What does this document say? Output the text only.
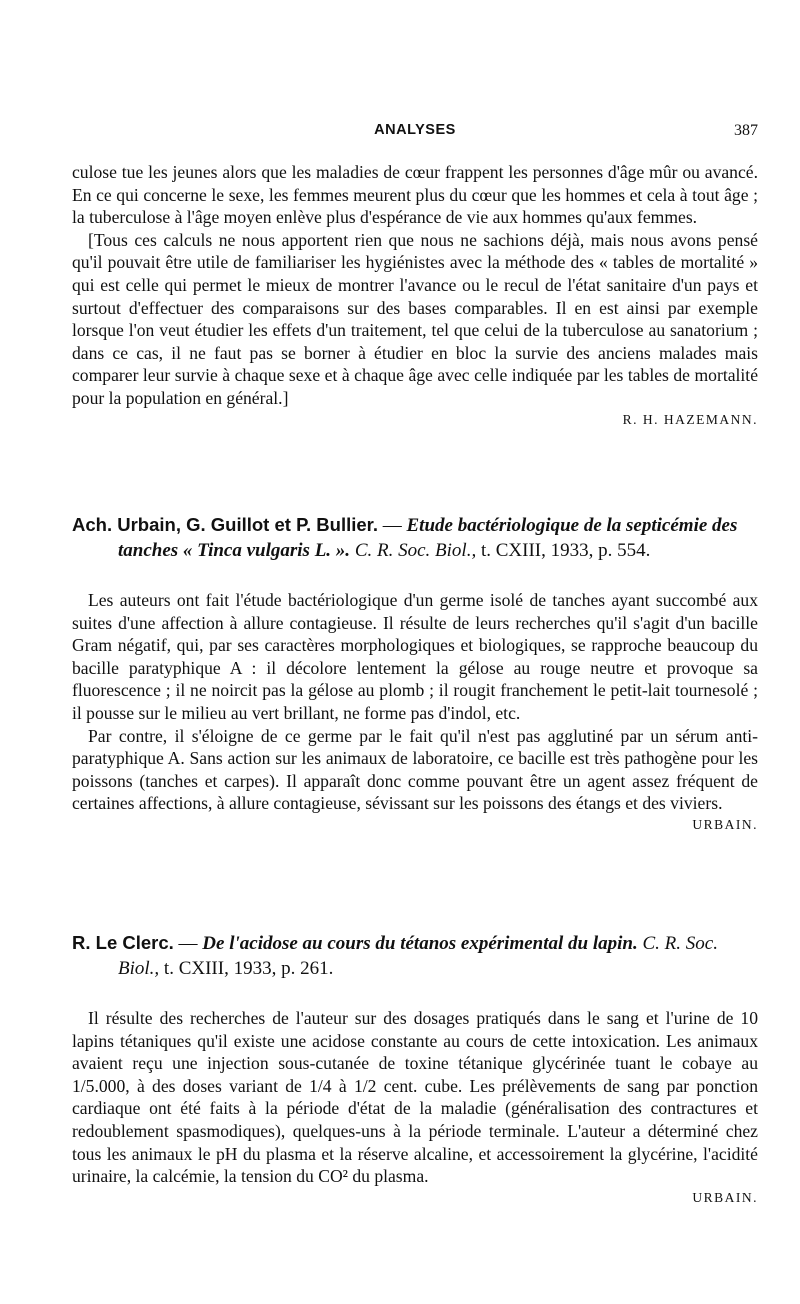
ANALYSES	387

culose tue les jeunes alors que les maladies de cœur frappent les personnes d'âge mûr ou avancé. En ce qui concerne le sexe, les femmes meurent plus du cœur que les hommes et cela à tout âge ; la tuberculose à l'âge moyen enlève plus d'espérance de vie aux hommes qu'aux femmes.

[Tous ces calculs ne nous apportent rien que nous ne sachions déjà, mais nous avons pensé qu'il pouvait être utile de familiariser les hygiénistes avec la méthode des « tables de mortalité » qui est celle qui permet le mieux de montrer l'avance ou le recul de l'état sanitaire d'un pays et surtout d'effectuer des comparaisons sur des bases comparables. Il en est ainsi par exemple lorsque l'on veut étudier les effets d'un traitement, tel que celui de la tuberculose au sanatorium ; dans ce cas, il ne faut pas se borner à étudier en bloc la survie des anciens malades mais comparer leur survie à chaque sexe et à chaque âge avec celle indiquée par les tables de mortalité pour la population en général.]

R. H. HAZEMANN.

Ach. Urbain, G. Guillot et P. Bullier. — Etude bactériologique de la septicémie des tanches « Tinca vulgaris L. ». C. R. Soc. Biol., t. CXIII, 1933, p. 554.

Les auteurs ont fait l'étude bactériologique d'un germe isolé de tanches ayant succombé aux suites d'une affection à allure contagieuse. Il résulte de leurs recherches qu'il s'agit d'un bacille Gram négatif, qui, par ses caractères morphologiques et biologiques, se rapproche beaucoup du bacille paratyphique A : il décolore lentement la gélose au rouge neutre et provoque sa fluorescence ; il ne noircit pas la gélose au plomb ; il rougit franchement le petit-lait tournesolé ; il pousse sur le milieu au vert brillant, ne forme pas d'indol, etc.

Par contre, il s'éloigne de ce germe par le fait qu'il n'est pas agglutiné par un sérum anti-paratyphique A. Sans action sur les animaux de laboratoire, ce bacille est très pathogène pour les poissons (tanches et carpes). Il apparaît donc comme pouvant être un agent assez fréquent de certaines affections, à allure contagieuse, sévissant sur les poissons des étangs et des viviers.

URBAIN.

R. Le Clerc. — De l'acidose au cours du tétanos expérimental du lapin. C. R. Soc. Biol., t. CXIII, 1933, p. 261.

Il résulte des recherches de l'auteur sur des dosages pratiqués dans le sang et l'urine de 10 lapins tétaniques qu'il existe une acidose constante au cours de cette intoxication. Les animaux avaient reçu une injection sous-cutanée de toxine tétanique glycérinée tuant le cobaye au 1/5.000, à des doses variant de 1/4 à 1/2 cent. cube. Les prélèvements de sang par ponction cardiaque ont été faits à la période d'état de la maladie (généralisation des contractures et redoublement spasmodiques), quelques-uns à la période terminale. L'auteur a déterminé chez tous les animaux le pH du plasma et la réserve alcaline, et accessoirement la glycérine, l'acidité urinaire, la calcémie, la tension du CO² du plasma.

URBAIN.
